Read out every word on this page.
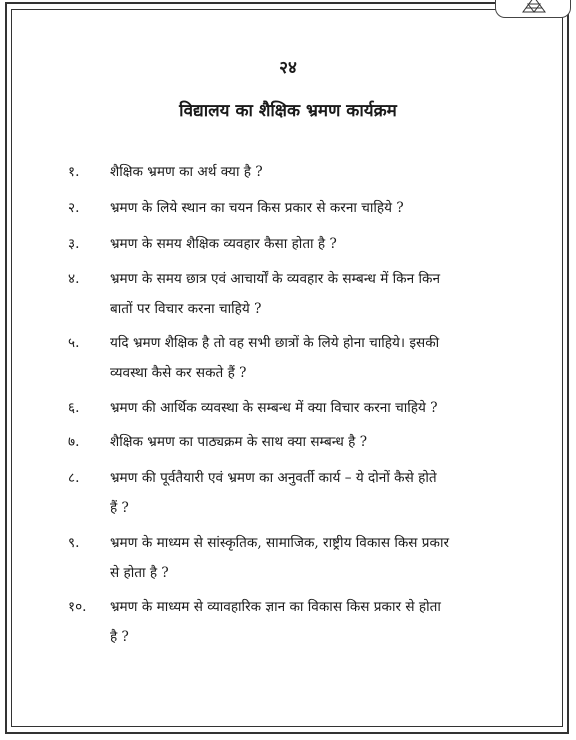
२४
विद्यालय का शैक्षिक भ्रमण कार्यक्रम
१. शैक्षिक भ्रमण का अर्थ क्या है ?
२. भ्रमण के लिये स्थान का चयन किस प्रकार से करना चाहिये ?
३. भ्रमण के समय शैक्षिक व्यवहार कैसा होता है ?
४. भ्रमण के समय छात्र एवं आचार्यों के व्यवहार के सम्बन्ध में किन किन
बातों पर विचार करना चाहिये ?
५. यदि भ्रमण शैक्षिक है तो वह सभी छात्रों के लिये होना चाहिये। इसकी
व्यवस्था कैसे कर सकते हैं ?
६. भ्रमण की आर्थिक व्यवस्था के सम्बन्ध में क्या विचार करना चाहिये ?
७. शैक्षिक भ्रमण का पाठ्यक्रम के साथ क्या सम्बन्ध है ?
८. भ्रमण की पूर्वतैयारी एवं भ्रमण का अनुवर्ती कार्य – ये दोनों कैसे होते
हैं ?
९. भ्रमण के माध्यम से सांस्कृतिक, सामाजिक, राष्ट्रीय विकास किस प्रकार
से होता है ?
१०. भ्रमण के माध्यम से व्यावहारिक ज्ञान का विकास किस प्रकार से होता
है ?
